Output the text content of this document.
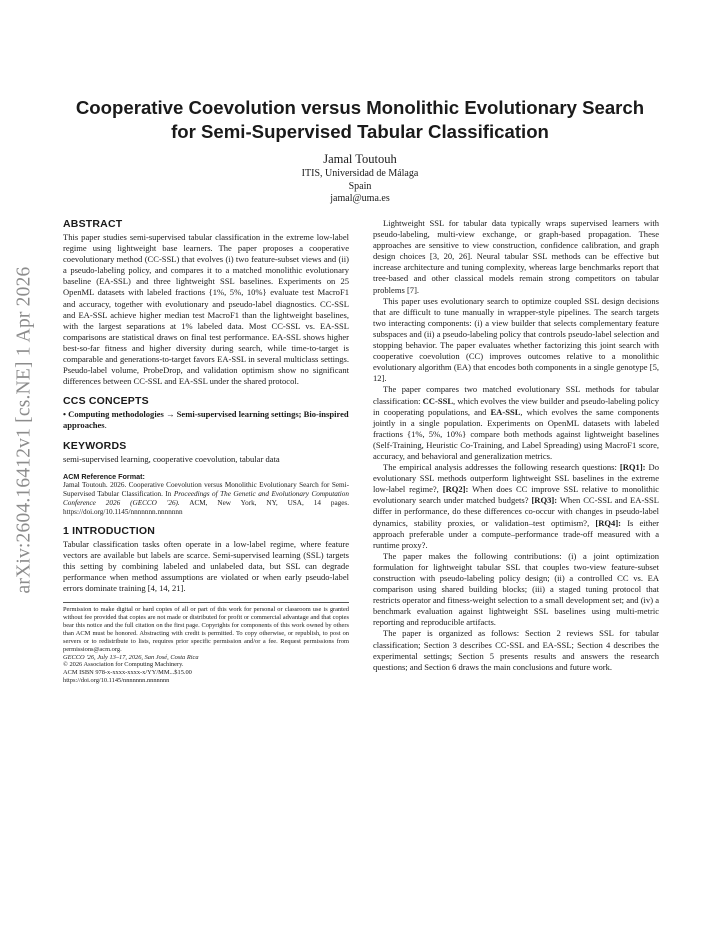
arXiv:2604.16412v1 [cs.NE] 1 Apr 2026
Cooperative Coevolution versus Monolithic Evolutionary Search
for Semi-Supervised Tabular Classification
Jamal Toutouh
ITIS, Universidad de Málaga
Spain
jamal@uma.es
ABSTRACT

This paper studies semi-supervised tabular classification in the extreme low-label regime using lightweight base learners. The paper proposes a cooperative coevolutionary method (CC-SSL) that evolves (i) two feature-subset views and (ii) a pseudo-labeling policy, and compares it to a matched monolithic evolutionary baseline (EA-SSL) and three lightweight SSL baselines. Experiments on 25 OpenML datasets with labeled fractions {1%, 5%, 10%} evaluate test MacroF1 and accuracy, together with evolutionary and pseudo-label diagnostics. CC-SSL and EA-SSL achieve higher median test MacroF1 than the lightweight baselines, with the largest separations at 1% labeled data. Most CC-SSL vs. EA-SSL comparisons are statistical draws on final test performance. EA-SSL shows higher best-so-far fitness and higher diversity during search, while time-to-target is comparable and generations-to-target favors EA-SSL in several multiclass settings. Pseudo-label volume, ProbeDrop, and validation optimism show no significant differences between CC-SSL and EA-SSL under the shared protocol.

CCS CONCEPTS

• Computing methodologies → Semi-supervised learning settings; Bio-inspired approaches.

KEYWORDS

semi-supervised learning, cooperative coevolution, tabular data

ACM Reference Format:

Jamal Toutouh. 2026. Cooperative Coevolution versus Monolithic Evolutionary Search for Semi-Supervised Tabular Classification. In Proceedings of The Genetic and Evolutionary Computation Conference 2026 (GECCO '26). ACM, New York, NY, USA, 14 pages. https://doi.org/10.1145/nnnnnnn.nnnnnnn

1 INTRODUCTION

Tabular classification tasks often operate in a low-label regime, where feature vectors are available but labels are scarce. Semi-supervised learning (SSL) targets this setting by combining labeled and unlabeled data, but SSL can degrade performance when method assumptions are violated or when early pseudo-label errors dominate training [4, 14, 21].

Permission to make digital or hard copies of all or part of this work for personal or classroom use is granted without fee provided that copies are not made or distributed for profit or commercial advantage and that copies bear this notice and the full citation on the first page. Copyrights for components of this work owned by others than ACM must be honored. Abstracting with credit is permitted. To copy otherwise, or republish, to post on servers or to redistribute to lists, requires prior specific permission and/or a fee. Request permissions from permissions@acm.org.

GECCO '26, July 13–17, 2026, San José, Costa Rica

© 2026 Association for Computing Machinery.

ACM ISBN 978-x-xxxx-xxxx-x/YY/MM...$15.00

https://doi.org/10.1145/nnnnnnn.nnnnnnn

Lightweight SSL for tabular data typically wraps supervised learners with pseudo-labeling, multi-view exchange, or graph-based propagation. These approaches are sensitive to view construction, confidence calibration, and graph design choices [3, 20, 26]. Neural tabular SSL methods can be effective but increase architecture and tuning complexity, whereas large benchmarks report that tree-based and other classical models remain strong competitors on tabular problems [7].

This paper uses evolutionary search to optimize coupled SSL design decisions that are difficult to tune manually in wrapper-style pipelines. The search targets two interacting components: (i) a view builder that selects complementary feature subspaces and (ii) a pseudo-labeling policy that controls pseudo-label selection and stopping behavior. The paper evaluates whether factorizing this joint search with cooperative coevolution (CC) improves outcomes relative to a monolithic evolutionary algorithm (EA) that encodes both components in a single genotype [5, 12].

The paper compares two matched evolutionary SSL methods for tabular classification: CC-SSL, which evolves the view builder and pseudo-labeling policy in cooperating populations, and EA-SSL, which evolves the same components jointly in a single population. Experiments on OpenML datasets with labeled fractions {1%, 5%, 10%} compare both methods against lightweight baselines (Self-Training, Heuristic Co-Training, and Label Spreading) using MacroF1 score, accuracy, and behavioral and generalization metrics.

The empirical analysis addresses the following research questions: [RQ1]: Do evolutionary SSL methods outperform lightweight SSL baselines in the extreme low-label regime?, [RQ2]: When does CC improve SSL relative to monolithic evolutionary search under matched budgets? [RQ3]: When CC-SSL and EA-SSL differ in performance, do these differences co-occur with changes in pseudo-label dynamics, stability proxies, or validation–test optimism?, [RQ4]: Is either approach preferable under a compute–performance trade-off measured with a runtime proxy?.

The paper makes the following contributions: (i) a joint optimization formulation for lightweight tabular SSL that couples two-view feature-subset construction with pseudo-labeling policy design; (ii) a controlled CC vs. EA comparison using shared building blocks; (iii) a staged tuning protocol that restricts operator and fitness-weight selection to a small development set; and (iv) a benchmark evaluation against lightweight SSL baselines using multi-metric reporting and reproducible artifacts.

The paper is organized as follows: Section 2 reviews SSL for tabular classification; Section 3 describes CC-SSL and EA-SSL; Section 4 describes the experimental settings; Section 5 presents results and answers the research questions; and Section 6 draws the main conclusions and future work.
